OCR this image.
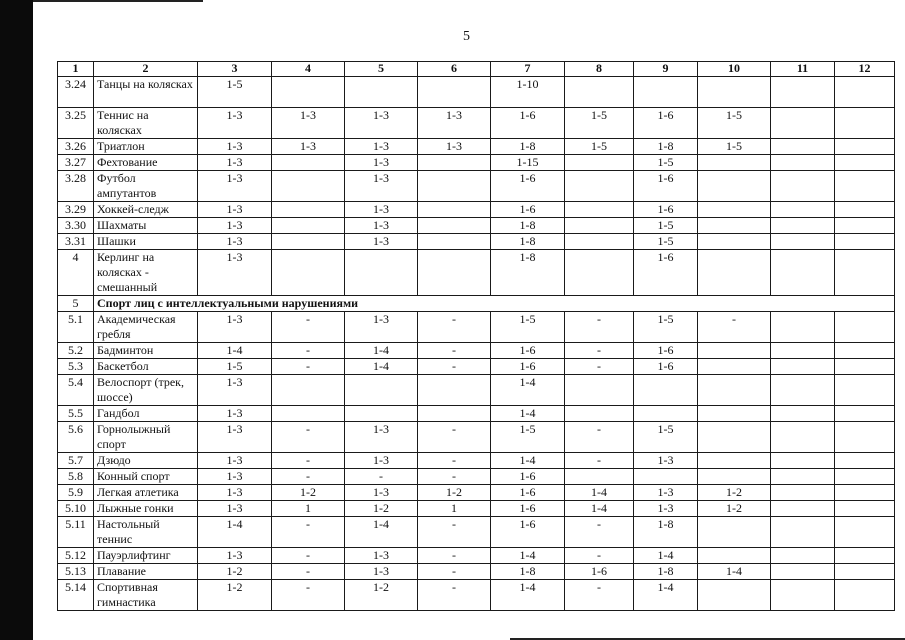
5
1	2	3	4	5	6	7	8	9	10	11	12
3.24	Танцы на колясках	1-5				1-10					
3.25	Теннис на колясках	1-3	1-3	1-3	1-3	1-6	1-5	1-6	1-5		
3.26	Триатлон	1-3	1-3	1-3	1-3	1-8	1-5	1-8	1-5		
3.27	Фехтование	1-3		1-3		1-15		1-5			
3.28	Футбол ампутантов	1-3		1-3		1-6		1-6			
3.29	Хоккей-следж	1-3		1-3		1-6		1-6			
3.30	Шахматы	1-3		1-3		1-8		1-5			
3.31	Шашки	1-3		1-3		1-8		1-5			
4	Керлинг на колясках - смешанный	1-3				1-8		1-6			
5	Спорт лиц с интеллектуальными нарушениями										
5.1	Академическая гребля	1-3	-	1-3	-	1-5	-	1-5	-		
5.2	Бадминтон	1-4	-	1-4	-	1-6	-	1-6			
5.3	Баскетбол	1-5	-	1-4	-	1-6	-	1-6			
5.4	Велоспорт (трек, шоссе)	1-3				1-4					
5.5	Гандбол	1-3				1-4					
5.6	Горнолыжный спорт	1-3	-	1-3	-	1-5	-	1-5			
5.7	Дзюдо	1-3	-	1-3	-	1-4	-	1-3			
5.8	Конный спорт	1-3	-	-	-	1-6					
5.9	Легкая атлетика	1-3	1-2	1-3	1-2	1-6	1-4	1-3	1-2		
5.10	Лыжные гонки	1-3	1	1-2	1	1-6	1-4	1-3	1-2		
5.11	Настольный теннис	1-4	-	1-4	-	1-6	-	1-8			
5.12	Пауэрлифтинг	1-3	-	1-3	-	1-4	-	1-4			
5.13	Плавание	1-2	-	1-3	-	1-8	1-6	1-8	1-4		
5.14	Спортивная гимнастика	1-2	-	1-2	-	1-4	-	1-4			
